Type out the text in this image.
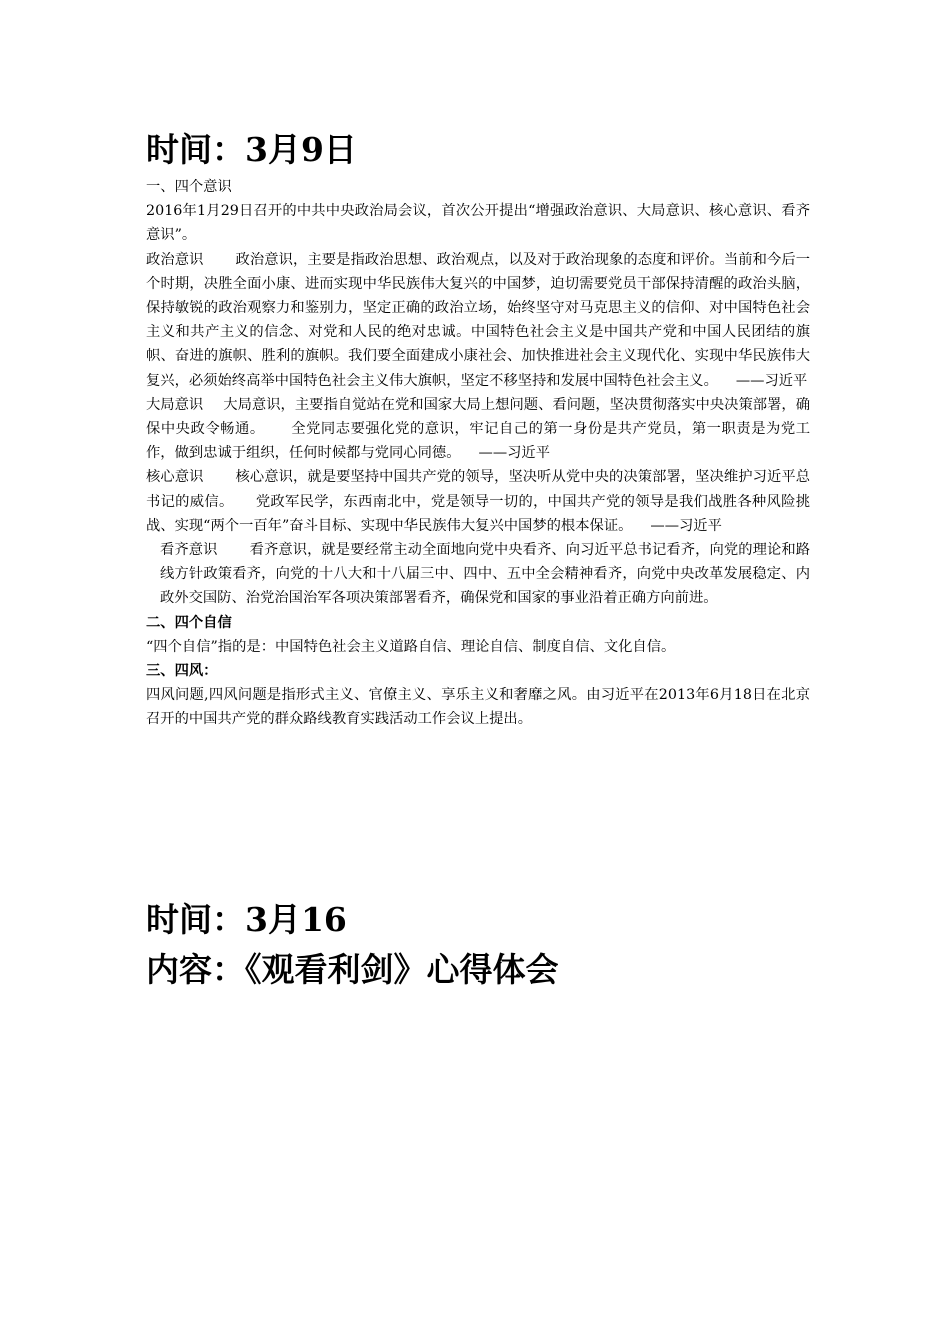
时间：3月9日

一、四个意识

2016年1月29日召开的中共中央政治局会议，首次公开提出“增强政治意识、大局意识、核心意识、看齐意识”。

政治意识 政治意识，主要是指政治思想、政治观点，以及对于政治现象的态度和评价。当前和今后一个时期，决胜全面小康、进而实现中华民族伟大复兴的中国梦，迫切需要党员干部保持清醒的政治头脑，保持敏锐的政治观察力和鉴别力，坚定正确的政治立场，始终坚守对马克思主义的信仰、对中国特色社会主义和共产主义的信念、对党和人民的绝对忠诚。中国特色社会主义是中国共产党和中国人民团结的旗帜、奋进的旗帜、胜利的旗帜。我们要全面建成小康社会、加快推进社会主义现代化、实现中华民族伟大复兴，必须始终高举中国特色社会主义伟大旗帜，坚定不移坚持和发展中国特色社会主义。 ——习近平

大局意识 大局意识，主要指自觉站在党和国家大局上想问题、看问题，坚决贯彻落实中央决策部署，确保中央政令畅通。 全党同志要强化党的意识，牢记自己的第一身份是共产党员，第一职责是为党工作，做到忠诚于组织，任何时候都与党同心同德。 ——习近平

核心意识 核心意识，就是要坚持中国共产党的领导，坚决听从党中央的决策部署，坚决维护习近平总书记的威信。 党政军民学，东西南北中，党是领导一切的，中国共产党的领导是我们战胜各种风险挑战、实现“两个一百年”奋斗目标、实现中华民族伟大复兴中国梦的根本保证。 ——习近平

看齐意识 看齐意识，就是要经常主动全面地向党中央看齐、向习近平总书记看齐，向党的理论和路线方针政策看齐，向党的十八大和十八届三中、四中、五中全会精神看齐，向党中央改革发展稳定、内政外交国防、治党治国治军各项决策部署看齐，确保党和国家的事业沿着正确方向前进。

二、四个自信

“四个自信”指的是：中国特色社会主义道路自信、理论自信、制度自信、文化自信。

三、四风：

四风问题,四风问题是指形式主义、官僚主义、享乐主义和奢靡之风。由习近平在2013年6月18日在北京召开的中国共产党的群众路线教育实践活动工作会议上提出。

时间：3月16
内容：《观看利剑》心得体会
